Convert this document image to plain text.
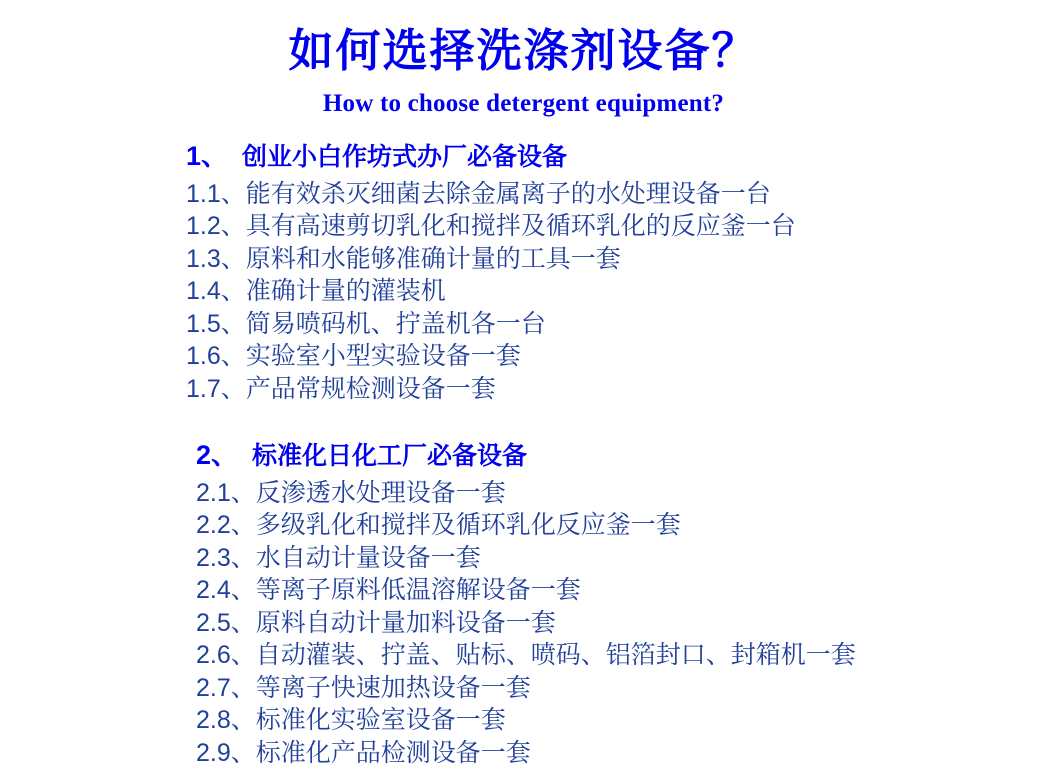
如何选择洗涤剂设备？
How to choose detergent equipment?
1、 创业小白作坊式办厂必备设备
1.1、能有效杀灭细菌去除金属离子的水处理设备一台
1.2、具有高速剪切乳化和搅拌及循环乳化的反应釜一台
1.3、原料和水能够准确计量的工具一套
1.4、准确计量的灌装机
1.5、简易喷码机、拧盖机各一台
1.6、实验室小型实验设备一套
1.7、产品常规检测设备一套
2、 标准化日化工厂必备设备
2.1、反渗透水处理设备一套
2.2、多级乳化和搅拌及循环乳化反应釜一套
2.3、水自动计量设备一套
2.4、等离子原料低温溶解设备一套
2.5、原料自动计量加料设备一套
2.6、自动灌装、拧盖、贴标、喷码、铝箔封口、封箱机一套
2.7、等离子快速加热设备一套
2.8、标准化实验室设备一套
2.9、标准化产品检测设备一套
